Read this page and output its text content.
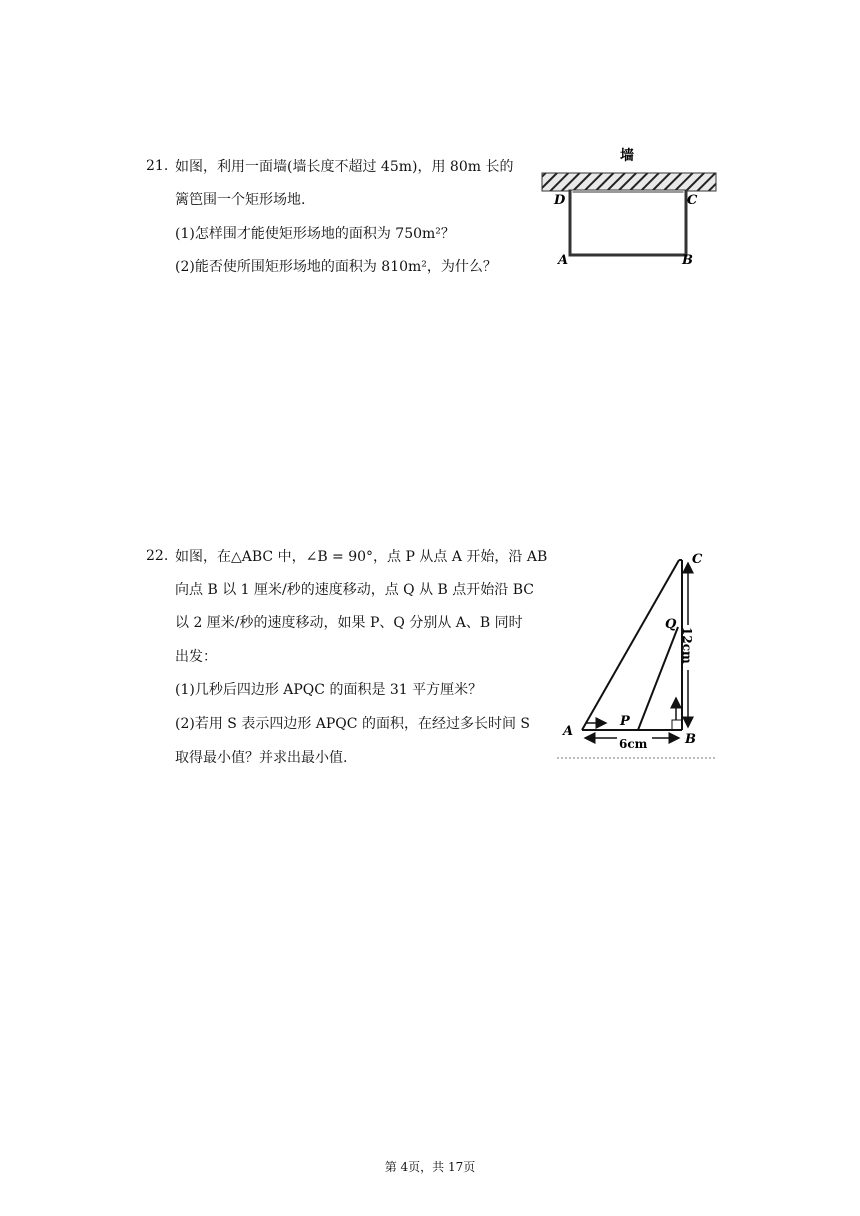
21. 如图，利用一面墙(墙长度不超过 45m)，用 80m 长的
篱笆围一个矩形场地.
(1)怎样围才能使矩形场地的面积为 750m²？
(2)能否使所围矩形场地的面积为 810m²，为什么？
墙
D	C
A	B
22. 如图，在△ABC 中，∠B = 90°，点 P 从点 A 开始，沿 AB
向点 B 以 1 厘米/秒的速度移动，点 Q 从 B 点开始沿 BC
以 2 厘米/秒的速度移动，如果 P、Q 分别从 A、B 同时
出发：
(1)几秒后四边形 APQC 的面积是 31 平方厘米？
(2)若用 S 表示四边形 APQC 的面积，在经过多长时间 S
取得最小值？并求出最小值.
12cm
6cm
C
Q
P
A
B
第 4页，共 17页
